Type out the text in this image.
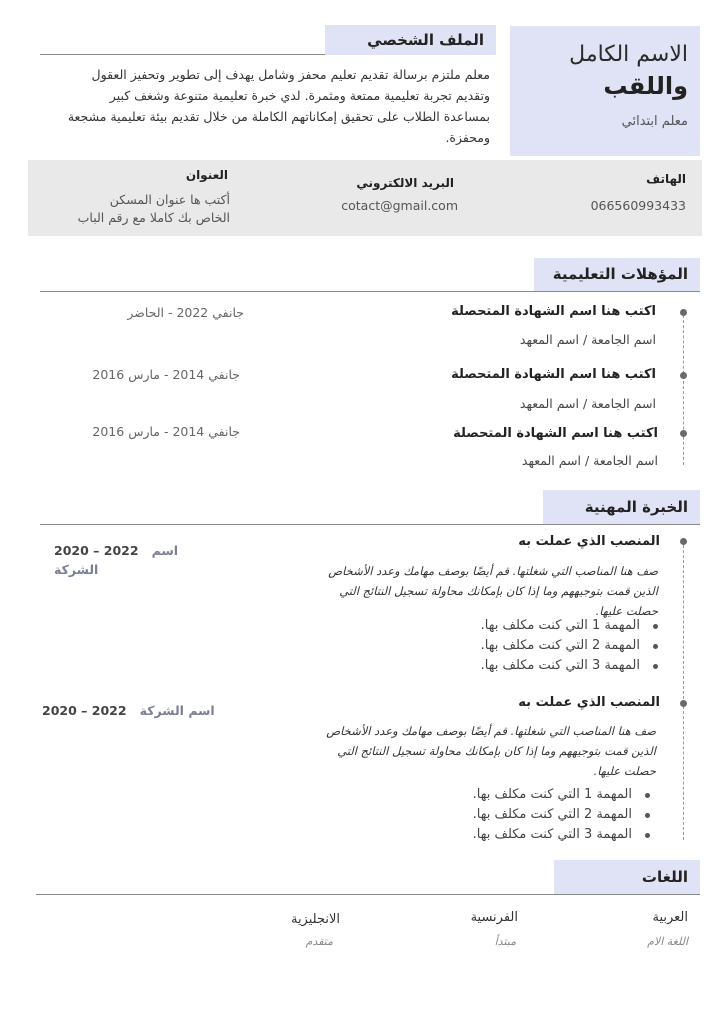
الاسم الكامل
واللقب
معلم ابتدائي
الملف الشخصي
معلم ملتزم برسالة تقديم تعليم محفز وشامل يهدف إلى تطوير وتحفيز العقول وتقديم تجربة تعليمية ممتعة ومثمرة. لدي خبرة تعليمية متنوعة وشغف كبير بمساعدة الطلاب على تحقيق إمكاناتهم الكاملة من خلال تقديم بيئة تعليمية مشجعة ومحفزة.
الهاتف
066560993433
البريد الالكتروني
cotact@gmail.com
العنوان
أكتب ها عنوان المسكن
الخاص بك كاملا مع رقم الباب
المؤهلات التعليمية
اكتب هنا اسم الشهادة المتحصلة
اسم الجامعة / اسم المعهد
جانفي 2022 - الحاضر
اكتب هنا اسم الشهادة المتحصلة
اسم الجامعة / اسم المعهد
جانفي 2014 - مارس 2016
اكتب هنا اسم الشهادة المتحصلة
اسم الجامعة / اسم المعهد
جانفي 2014 - مارس 2016
الخبرة المهنية
المنصب الذي عملت به
2020 – 2022 اسم الشركة	صف هنا المناصب التي شغلتها. قم أيضًا بوصف مهامك وعدد الأشخاص
الذين قمت بتوجيههم وما إذا كان بإمكانك محاولة تسجيل النتائج التي
حصلت عليها.
المهمة 1 التي كنت مكلف بها.
المهمة 2 التي كنت مكلف بها.
المهمة 3 التي كنت مكلف بها.
المنصب الذي عملت به
2020 – 2022 اسم الشركة
صف هنا المناصب التي شغلتها. قم أيضًا بوصف مهامك وعدد الأشخاص
الذين قمت بتوجيههم وما إذا كان بإمكانك محاولة تسجيل النتائج التي
حصلت عليها.
المهمة 1 التي كنت مكلف بها.
المهمة 2 التي كنت مكلف بها.
المهمة 3 التي كنت مكلف بها.
اللغات
العربية
اللغة الام
الفرنسية
مبتدأ
الانجليزية
متقدم
